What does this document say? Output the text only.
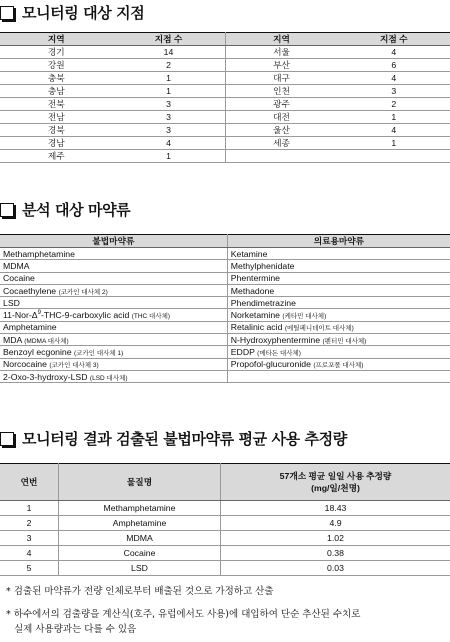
모니터링 대상 지점
지역	지점 수	지역	지점 수
경기	14	서울	4
강원	2	부산	6
충북	1	대구	4
충남	1	인천	3
전북	3	광주	2
전남	3	대전	1
경북	3	울산	4
경남	4	세종	1
제주	1		
분석 대상 마약류
불법마약류	의료용마약류
Methamphetamine	Ketamine
MDMA	Methylphenidate
Cocaine	Phentermine
Cocaethylene (코카인 대사체 2)	Methadone
LSD	Phendimetrazine
$11-Nor-\Delta^9-THC-9$-carboxylic acid (THC 대사체)	Norketamine (케타민 대사체)
Amphetamine	Retalinic acid (메틸페니데이트 대사체)
MDA (MDMA 대사체)	N-Hydroxyphentermine (펜터민 대사체)
Benzoyl ecgonine (코카인 대사체 1)	EDDP (메타돈 대사체)
Norcocaine (코카인 대사체 3)	Propofol-glucuronide (프로포폴 대사체)
2-Oxo-3-hydroxy-LSD (LSD 대사체)	
모니터링 결과 검출된 불법마약류 평균 사용 추정량
연번	물질명	57개소 평균 일일 사용 추정량
(mg/일/천명)
1	Methamphetamine	18.43
2	Amphetamine	4.9
3	MDMA	1.02
4	Cocaine	0.38
5	LSD	0.03
* 검출된 마약류가 전량 인체로부터 배출된 것으로 가정하고 산출
* 하수에서의 검출량을 계산식(호주, 유럽에서도 사용)에 대입하여 단순 추산된 수치로
실제 사용량과는 다를 수 있음
